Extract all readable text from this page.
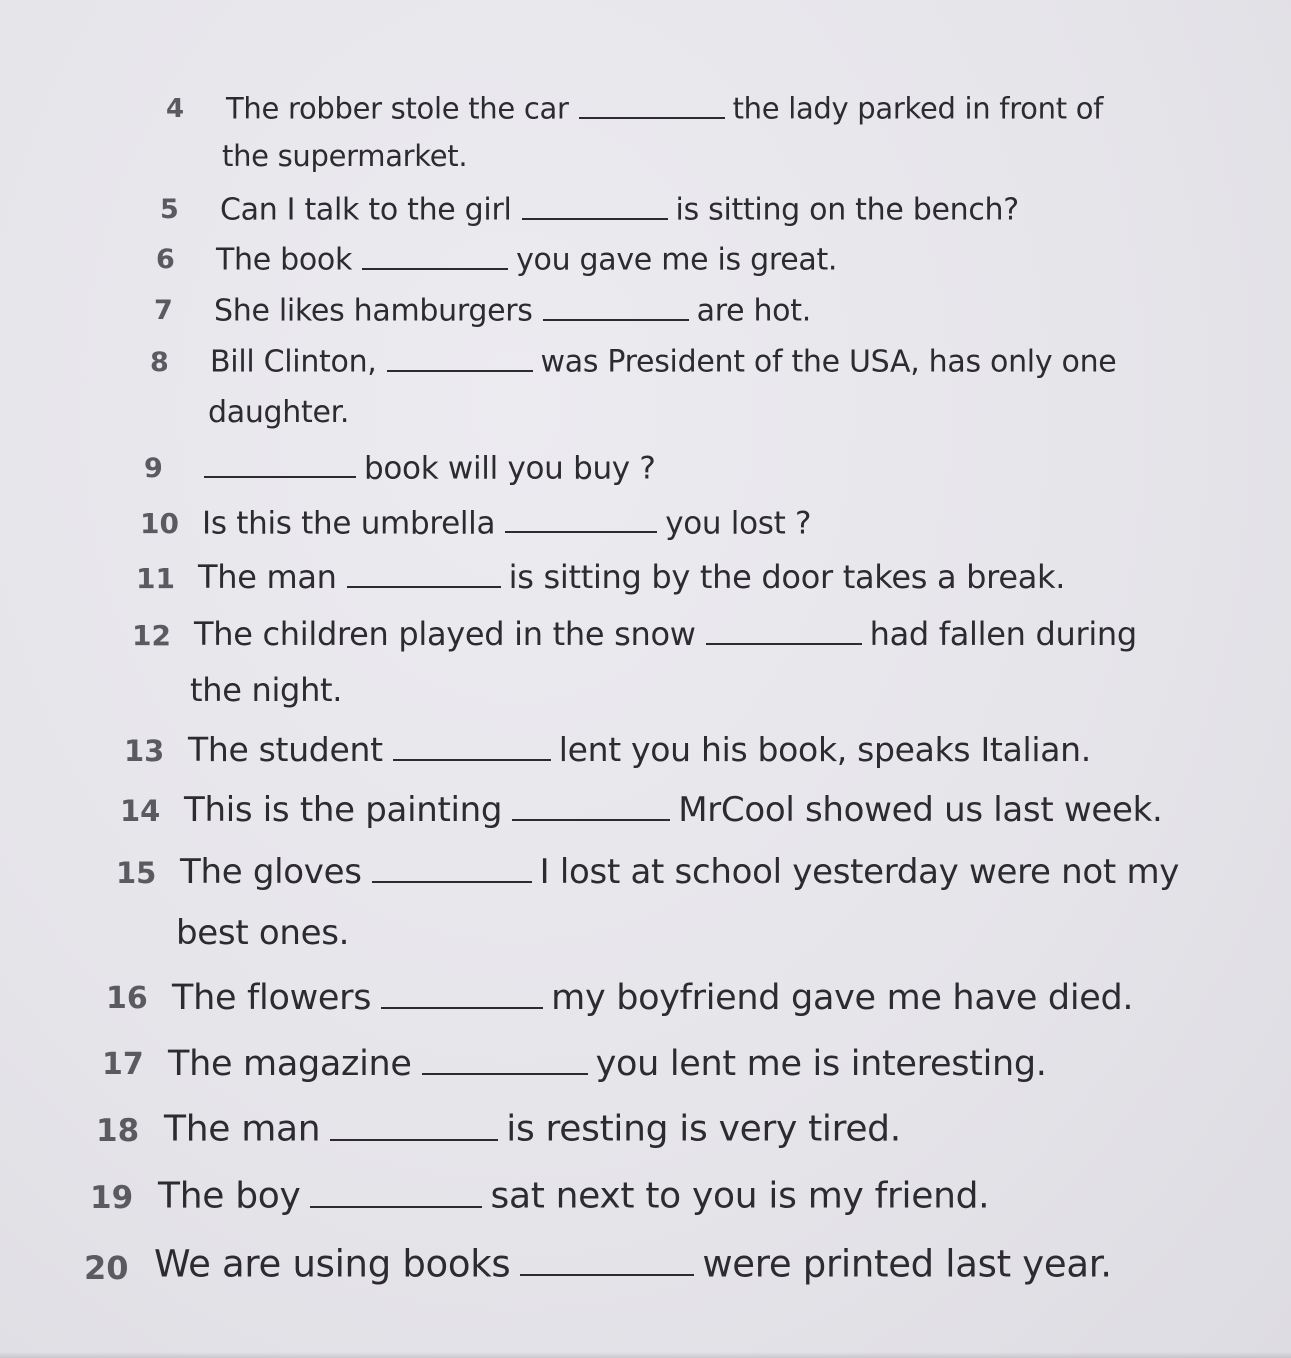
4 The robber stole the car	the lady parked in front of
the supermarket.
5 Can I talk to the girl	is sitting on the bench?
6 The book	you gave me is great.
7 She likes hamburgers	are hot.
8 Bill Clinton,	was President of the USA, has only one
daughter.
9	book will you buy ?
10 Is this the umbrella	you lost ?
11 The man	is sitting by the door takes a break.
12 The children played in the snow	had fallen during
the night.
13 The student	lent you his book, speaks Italian.
14 This is the painting	MrCool showed us last week.
15 The gloves	I lost at school yesterday were not my
best ones.
16 The flowers	my boyfriend gave me have died.
17 The magazine	you lent me is interesting.
18 The man	is resting is very tired.
19 The boy	sat next to you is my friend.
20 We are using books	were printed last year.
